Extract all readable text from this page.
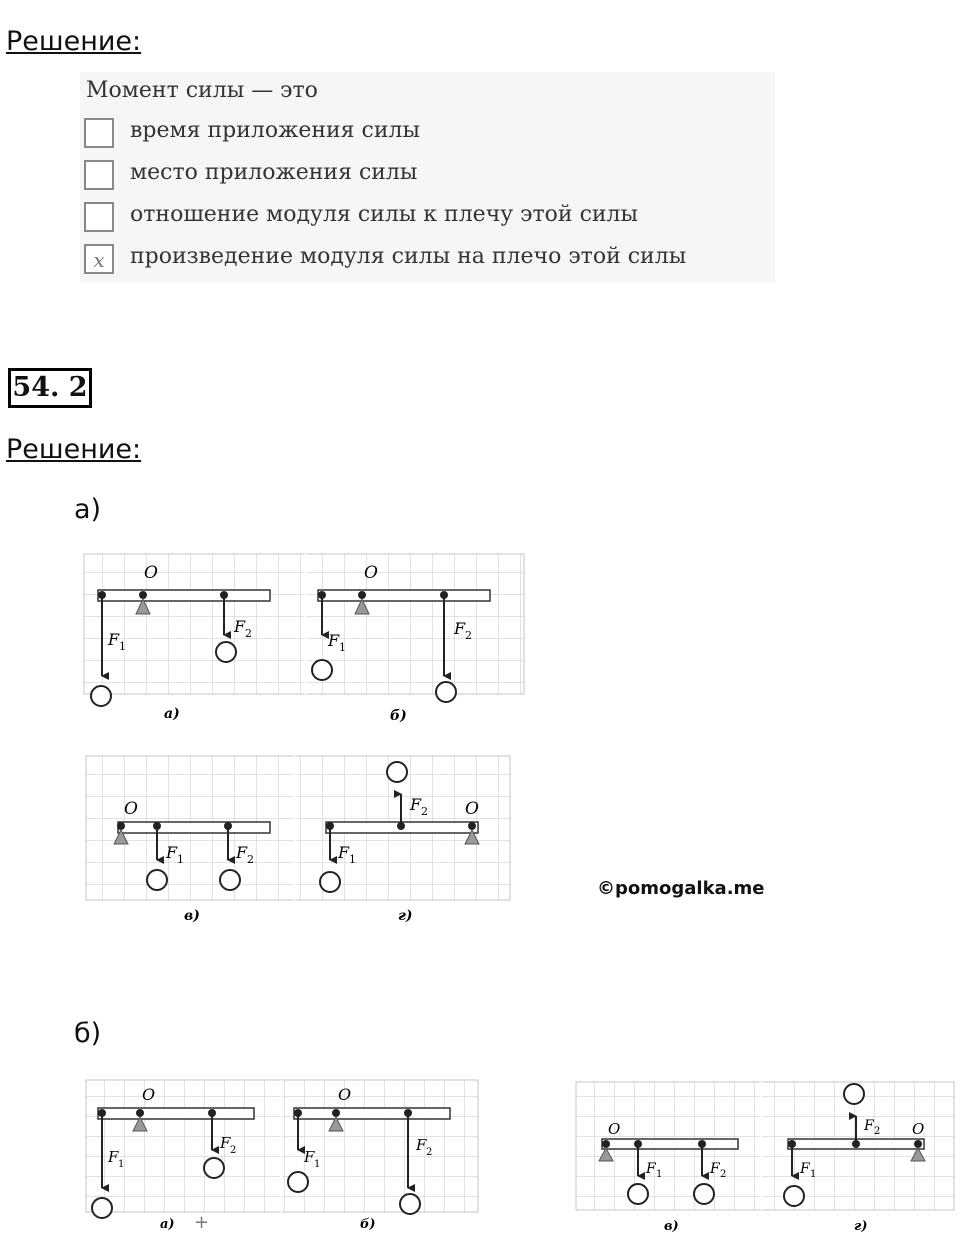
Решение:
Момент силы — это
время приложения силы
место приложения силы
отношение модуля силы к плечу этой силы
x	произведение модуля силы на плечо этой силы
54. 2
Решение:
а)
б)
©pomogalka.me
O
F 1
F 2
а)
O
F 1
F 2
б)
O
F 1	F 2
в)
O
F 1
F 2
г)
O
F 1
F 2
а) +
O
F 1
F 2
б)
O
F 1	F 2
в)
O
F 1
F 2
г)
